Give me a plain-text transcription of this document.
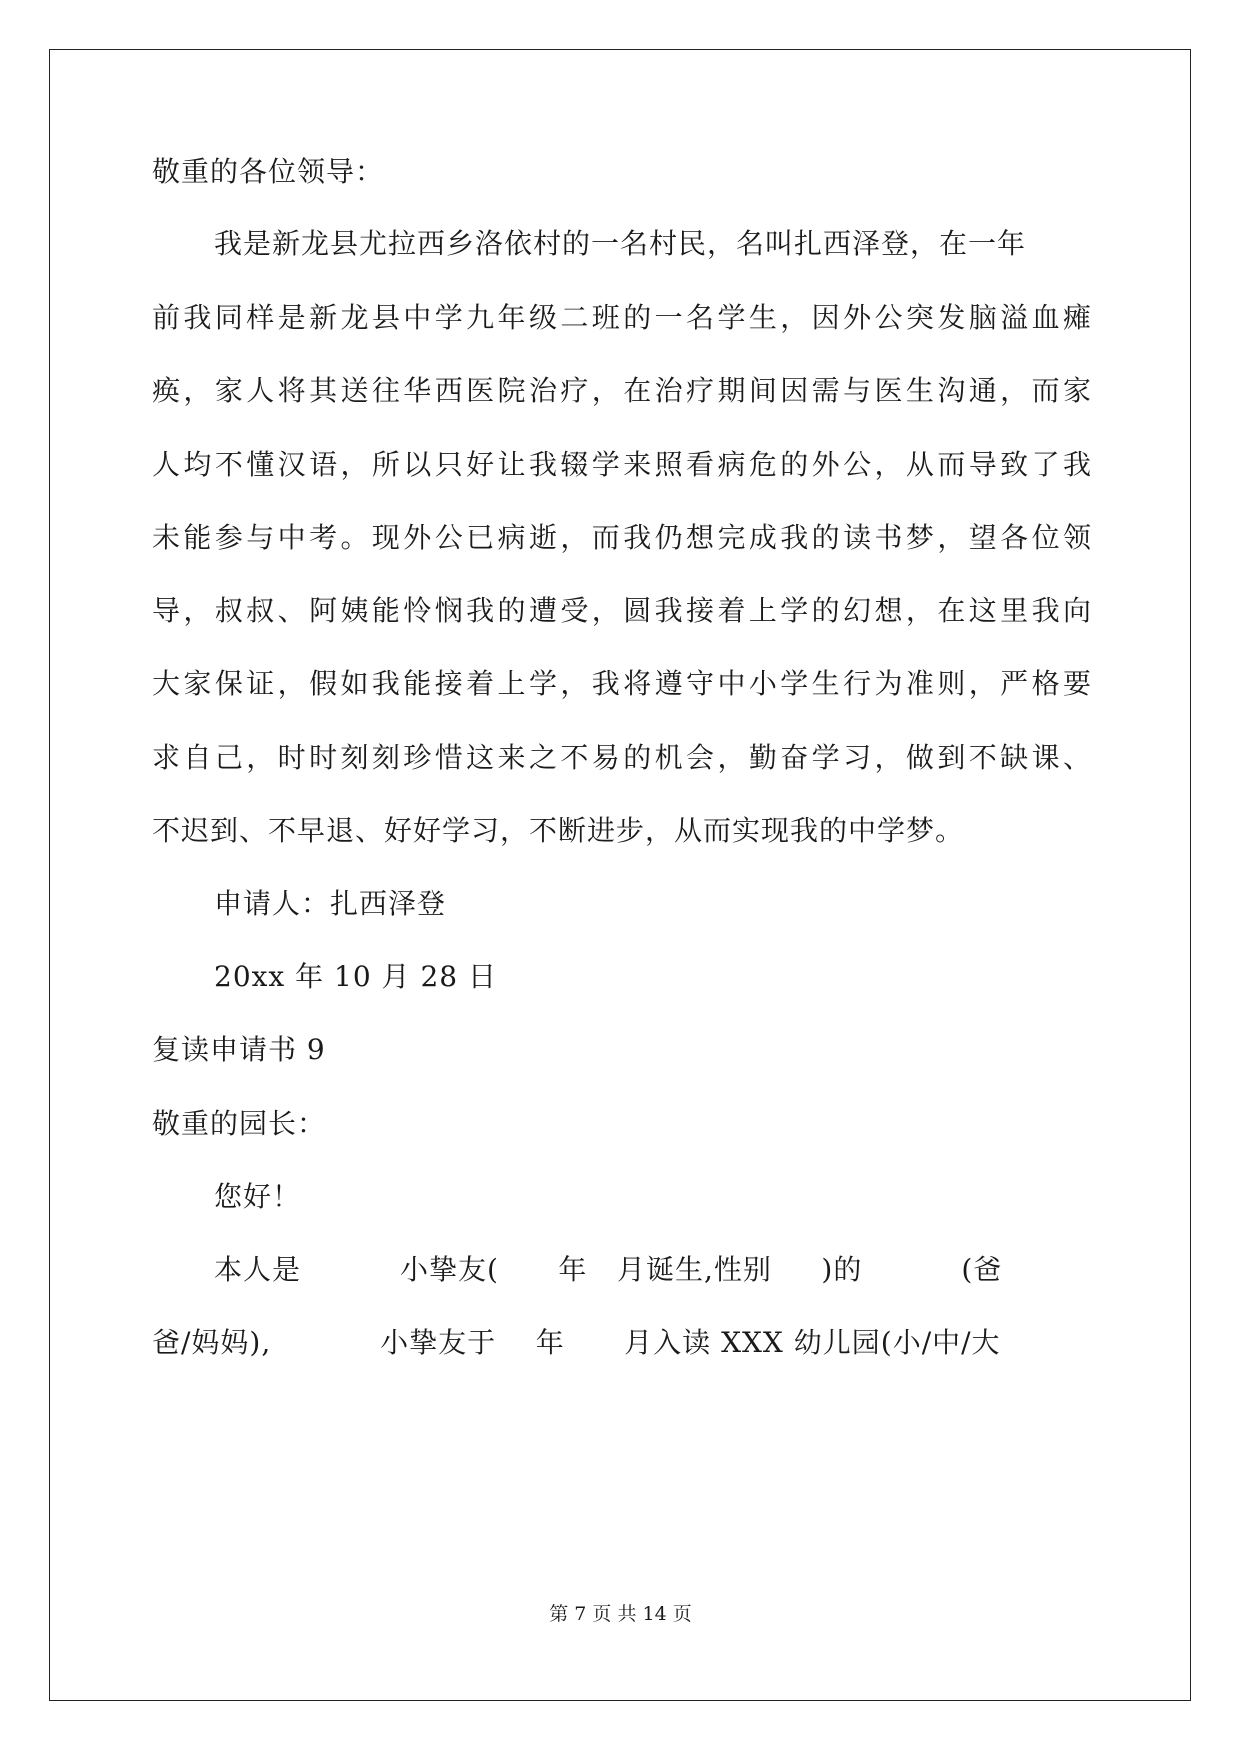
敬重的各位领导：
我是新龙县尤拉西乡洛依村的一名村民，名叫扎西泽登，在一年
前我同样是新龙县中学九年级二班的一名学生，因外公突发脑溢血瘫
痪，家人将其送往华西医院治疗，在治疗期间因需与医生沟通，而家
人均不懂汉语，所以只好让我辍学来照看病危的外公，从而导致了我
未能参与中考。现外公已病逝，而我仍想完成我的读书梦，望各位领
导，叔叔、阿姨能怜悯我的遭受，圆我接着上学的幻想，在这里我向
大家保证，假如我能接着上学，我将遵守中小学生行为准则，严格要
求自己，时时刻刻珍惜这来之不易的机会，勤奋学习，做到不缺课、
不迟到、不早退、好好学习，不断进步，从而实现我的中学梦。
申请人：扎西泽登
20xx 年 10 月 28 日
复读申请书 9
敬重的园长：
您好！
本人是          小挚友(      年   月诞生,性别     )的          (爸
爸/妈妈),           小挚友于    年      月入读 XXX 幼儿园(小/中/大
第 7 页 共 14 页
